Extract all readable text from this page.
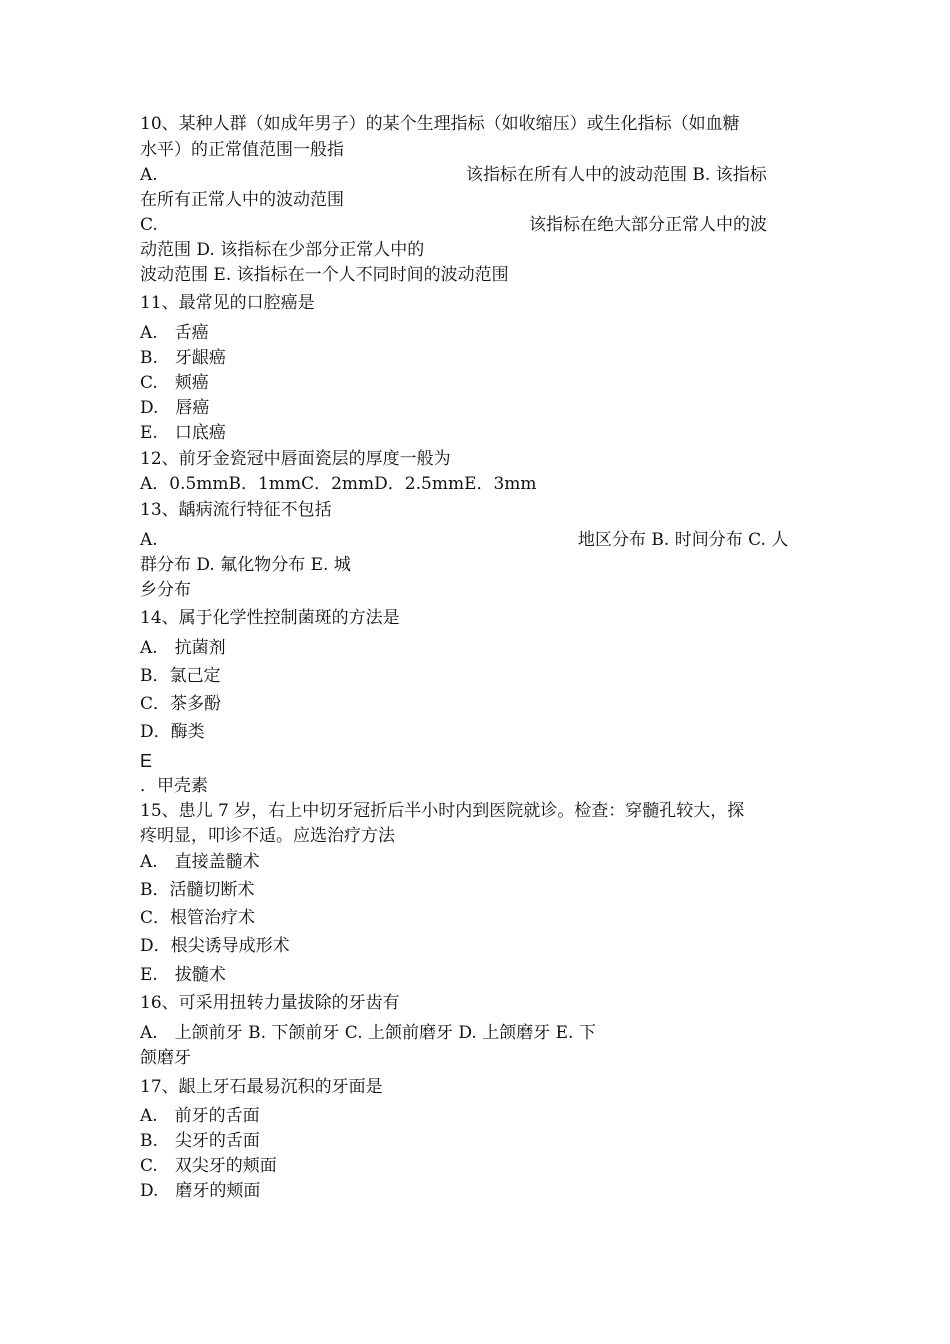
10、某种人群（如成年男子）的某个生理指标（如收缩压）或生化指标（如血糖
水平）的正常值范围一般指
A.	该指标在所有人中的波动范围 B. 该指标
在所有正常人中的波动范围
C.	该指标在绝大部分正常人中的波
动范围 D. 该指标在少部分正常人中的
波动范围 E. 该指标在一个人不同时间的波动范围
11、最常见的口腔癌是
A.　舌癌
B.　牙龈癌
C.　颊癌
D.　唇癌
E.　口底癌
12、前牙金瓷冠中唇面瓷层的厚度一般为
A．0.5mmB．1mmC．2mmD．2.5mmE．3mm
13、龋病流行特征不包括
A.	地区分布 B. 时间分布 C. 人
群分布 D. 氟化物分布 E. 城
乡分布
14、属于化学性控制菌斑的方法是
A.　抗菌剂
B．氯己定
C．茶多酚
D．酶类
E
．甲壳素
15、患儿 7 岁，右上中切牙冠折后半小时内到医院就诊。检查：穿髓孔较大，探
疼明显，叩诊不适。应选治疗方法
A.　直接盖髓术
B．活髓切断术
C．根管治疗术
D．根尖诱导成形术
E.　拔髓术
16、可采用扭转力量拔除的牙齿有
A.　上颌前牙 B. 下颌前牙 C. 上颌前磨牙 D. 上颌磨牙 E. 下
颌磨牙
17、龈上牙石最易沉积的牙面是
A.　前牙的舌面
B.　尖牙的舌面
C.　双尖牙的颊面
D.　磨牙的颊面
